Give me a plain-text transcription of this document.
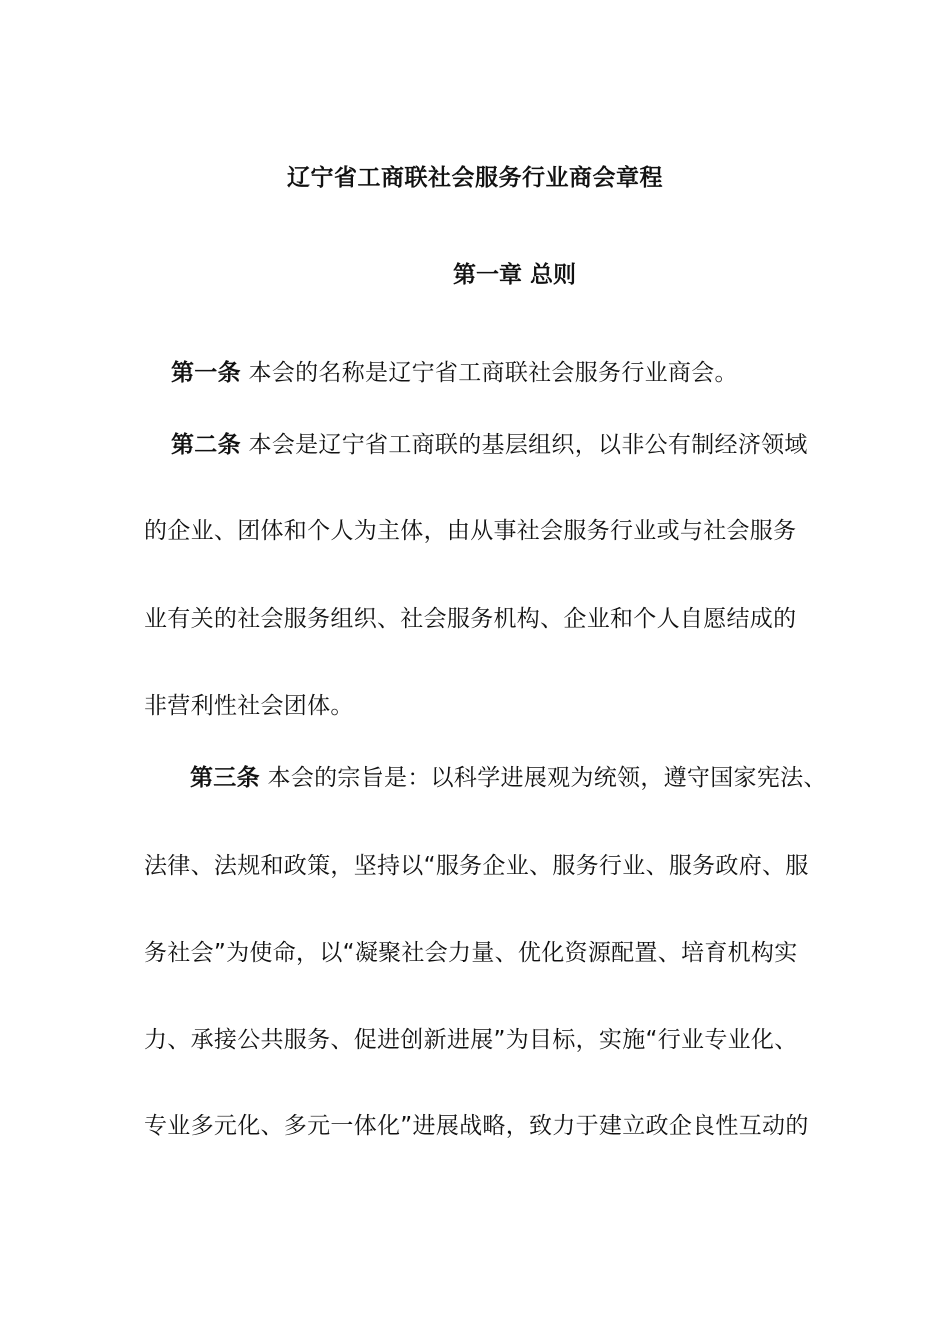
辽宁省工商联社会服务行业商会章程
第一章 总则
第一条 本会的名称是辽宁省工商联社会服务行业商会。
第二条 本会是辽宁省工商联的基层组织，以非公有制经济领域
的企业、团体和个人为主体，由从事社会服务行业或与社会服务
业有关的社会服务组织、社会服务机构、企业和个人自愿结成的
非营利性社会团体。
第三条 本会的宗旨是：以科学进展观为统领，遵守国家宪法、
法律、法规和政策，坚持以“服务企业、服务行业、服务政府、服
务社会”为使命，以“凝聚社会力量、优化资源配置、培育机构实
力、承接公共服务、促进创新进展”为目标，实施“行业专业化、
专业多元化、多元一体化”进展战略，致力于建立政企良性互动的
